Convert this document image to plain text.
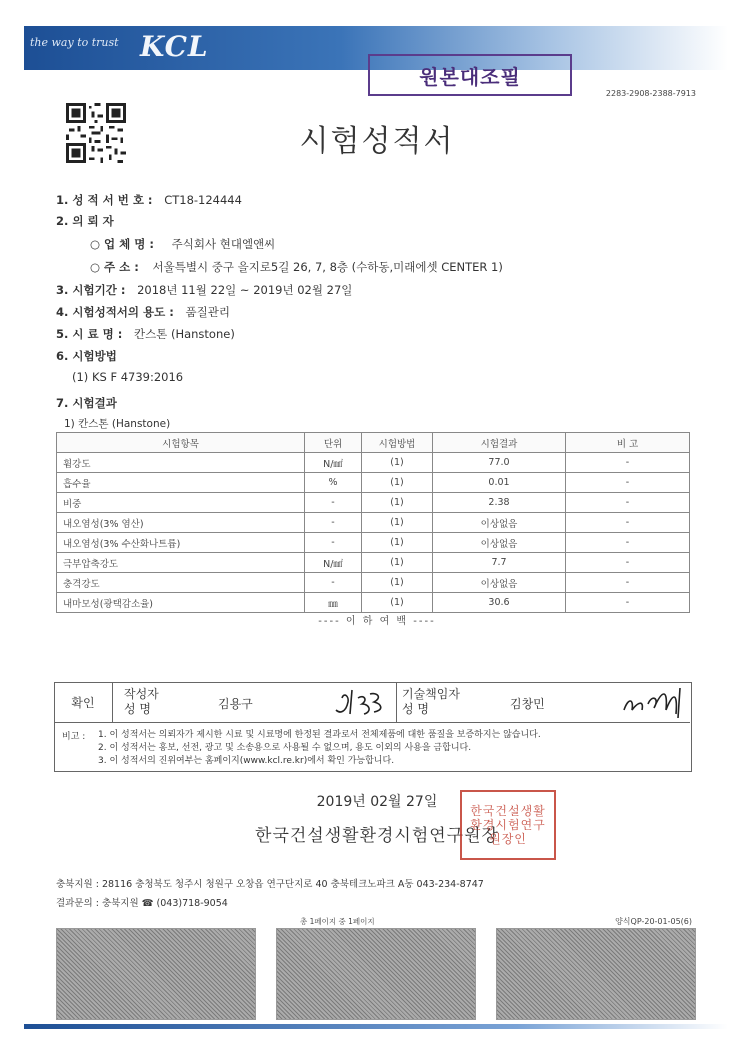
the way to trust KCL
원본대조필
2283-2908-2388-7913
시험성적서
1. 성 적 서 번 호 : CT18-124444
2. 의 뢰 자
○ 업 체 명 : 주식회사 현대엘앤씨
○ 주 소 : 서울특별시 중구 을지로5길 26, 7, 8층 (수하동,미래에셋 CENTER 1)
3. 시험기간 : 2018년 11월 22일 ~ 2019년 02월 27일
4. 시험성적서의 용도 : 품질관리
5. 시 료 명 : 칸스톤 (Hanstone)
6. 시험방법
(1) KS F 4739:2016
7. 시험결과
1) 칸스톤 (Hanstone)
시험항목	단위	시험방법	시험결과	비 고
휨강도	N/㎟	(1)	77.0	-
흡수율	%	(1)	0.01	-
비중	-	(1)	2.38	-
내오염성(3% 염산)	-	(1)	이상없음	-
내오염성(3% 수산화나트륨)	-	(1)	이상없음	-
극부압축강도	N/㎟	(1)	7.7	-
충격강도	-	(1)	이상없음	-
내마모성(광택감소율)	㎜	(1)	30.6	-
---- 이 하 여 백 ----
확인
작성자
성 명	김용구
기술책임자
성 명	김창민
비고 : 1. 이 성적서는 의뢰자가 제시한 시료 및 시료명에 한정된 결과로서 전체제품에 대한 품질을 보증하지는 않습니다.
2. 이 성적서는 홍보, 선전, 광고 및 소송용으로 사용될 수 없으며, 용도 이외의 사용을 금합니다.
3. 이 성적서의 진위여부는 홈페이지(www.kcl.re.kr)에서 확인 가능합니다.
2019년 02월 27일
한국건설생활환경시험연구원장
한국건설생활환경시험연구원장인
충북지원 : 28116 충청북도 청주시 청원구 오창읍 연구단지로 40 충북테크노파크 A동 043-234-8747
결과문의 : 충북지원 ☎ (043)718-9054
총 1페이지 중 1페이지	양식QP-20-01-05(6)
